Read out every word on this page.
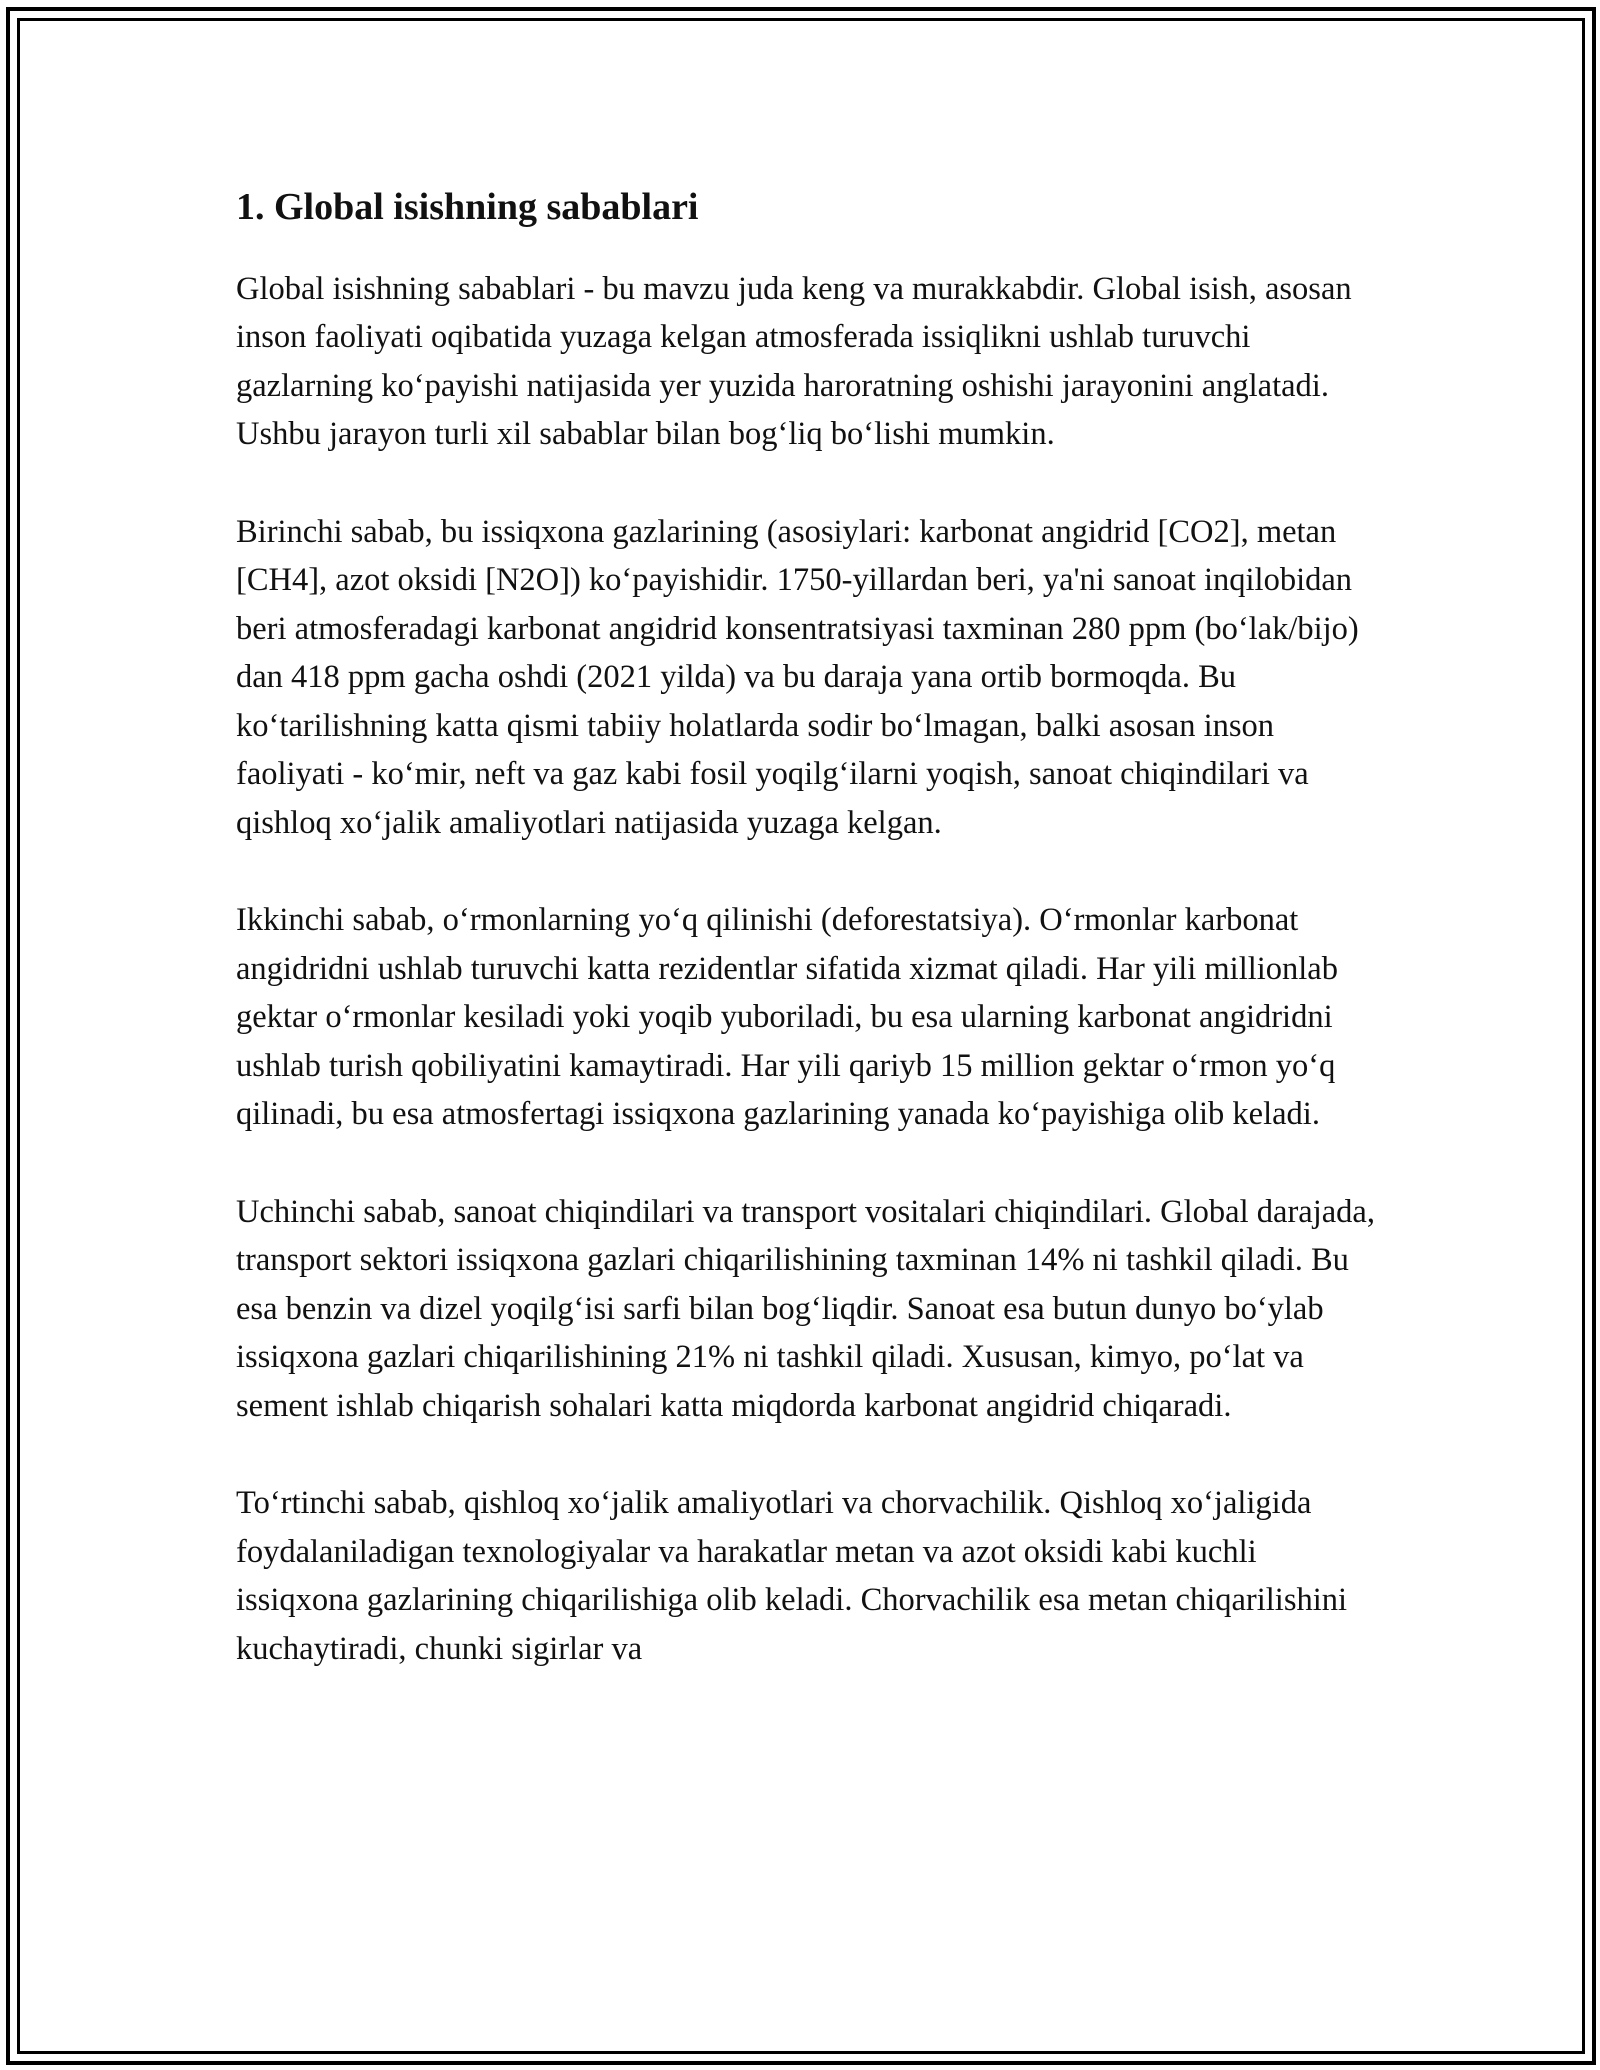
1. Global isishning sabablari

Global isishning sabablari - bu mavzu juda keng va murakkabdir. Global isish, asosan inson faoliyati oqibatida yuzaga kelgan atmosferada issiqlikni ushlab turuvchi gazlarning ko‘payishi natijasida yer yuzida haroratning oshishi jarayonini anglatadi. Ushbu jarayon turli xil sabablar bilan bog‘liq bo‘lishi mumkin.

Birinchi sabab, bu issiqxona gazlarining (asosiylari: karbonat angidrid [CO2], metan [CH4], azot oksidi [N2O]) ko‘payishidir. 1750-yillardan beri, ya'ni sanoat inqilobidan beri atmosferadagi karbonat angidrid konsentratsiyasi taxminan 280 ppm (bo‘lak/bijo) dan 418 ppm gacha oshdi (2021 yilda) va bu daraja yana ortib bormoqda. Bu ko‘tarilishning katta qismi tabiiy holatlarda sodir bo‘lmagan, balki asosan inson faoliyati - ko‘mir, neft va gaz kabi fosil yoqilg‘ilarni yoqish, sanoat chiqindilari va qishloq xo‘jalik amaliyotlari natijasida yuzaga kelgan.

Ikkinchi sabab, o‘rmonlarning yo‘q qilinishi (deforestatsiya). O‘rmonlar karbonat angidridni ushlab turuvchi katta rezidentlar sifatida xizmat qiladi. Har yili millionlab gektar o‘rmonlar kesiladi yoki yoqib yuboriladi, bu esa ularning karbonat angidridni ushlab turish qobiliyatini kamaytiradi. Har yili qariyb 15 million gektar o‘rmon yo‘q qilinadi, bu esa atmosfertagi issiqxona gazlarining yanada ko‘payishiga olib keladi.

Uchinchi sabab, sanoat chiqindilari va transport vositalari chiqindilari. Global darajada, transport sektori issiqxona gazlari chiqarilishining taxminan 14% ni tashkil qiladi. Bu esa benzin va dizel yoqilg‘isi sarfi bilan bog‘liqdir. Sanoat esa butun dunyo bo‘ylab issiqxona gazlari chiqarilishining 21% ni tashkil qiladi. Xususan, kimyo, po‘lat va sement ishlab chiqarish sohalari katta miqdorda karbonat angidrid chiqaradi.

To‘rtinchi sabab, qishloq xo‘jalik amaliyotlari va chorvachilik. Qishloq xo‘jaligida foydalaniladigan texnologiyalar va harakatlar metan va azot oksidi kabi kuchli issiqxona gazlarining chiqarilishiga olib keladi. Chorvachilik esa metan chiqarilishini kuchaytiradi, chunki sigirlar va
